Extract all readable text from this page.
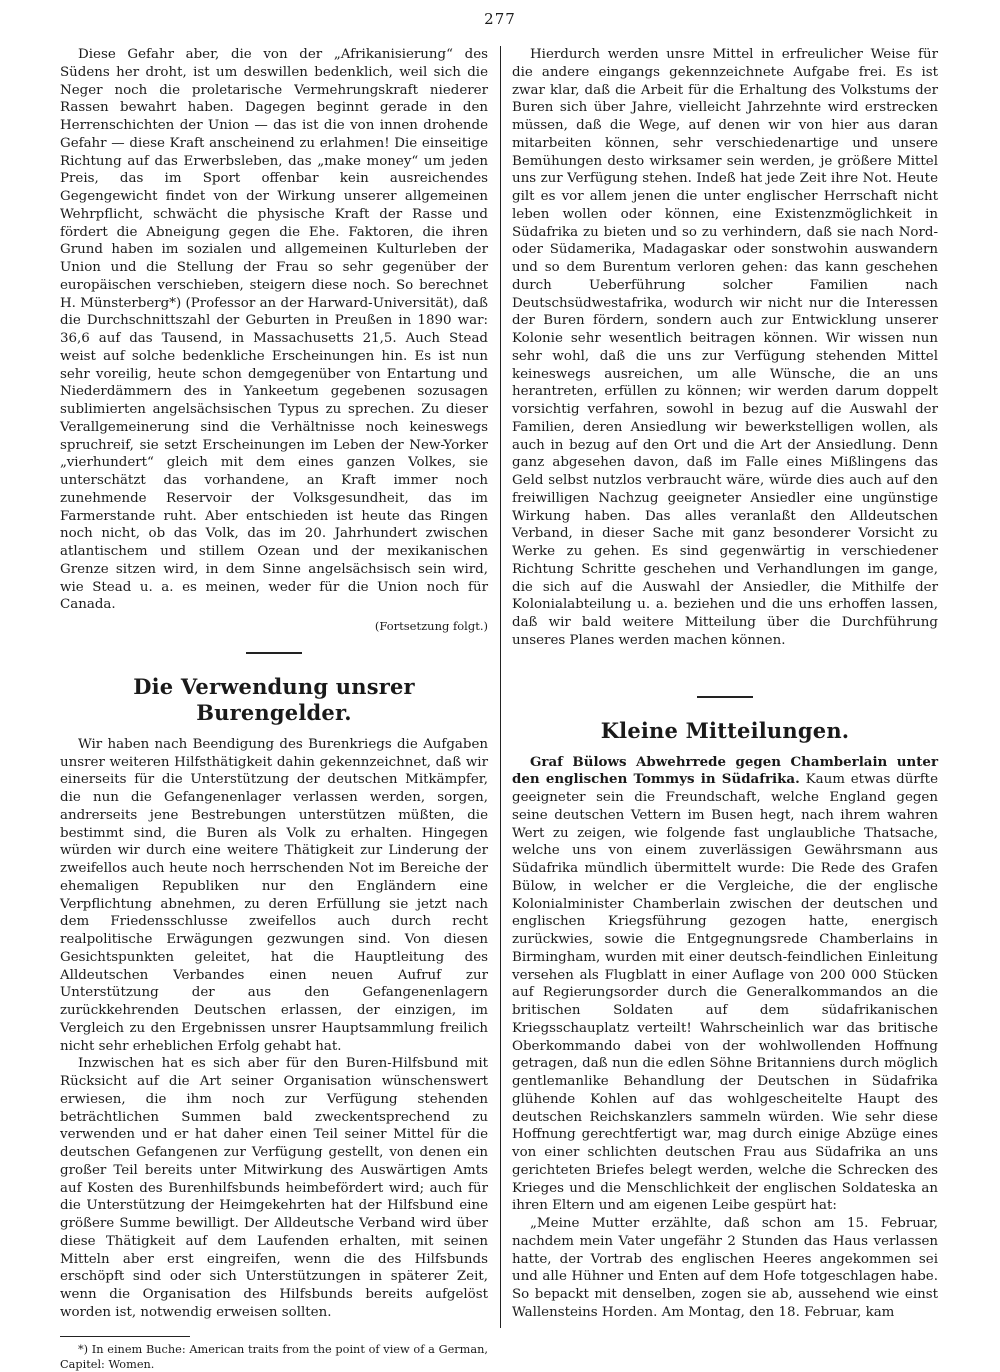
277

Diese Gefahr aber, die von der „Afrikanisierung“ des Südens her droht, ist um deswillen bedenklich, weil sich die Neger noch die proletarische Vermehrungskraft niederer Rassen bewahrt haben. Dagegen beginnt gerade in den Herrenschichten der Union — das ist die von innen drohende Gefahr — diese Kraft anscheinend zu erlahmen! Die einseitige Richtung auf das Erwerbsleben, das „make money“ um jeden Preis, das im Sport offenbar kein ausreichendes Gegengewicht findet von der Wirkung unserer allgemeinen Wehrpflicht, schwächt die physische Kraft der Rasse und fördert die Abneigung gegen die Ehe. Faktoren, die ihren Grund haben im sozialen und allgemeinen Kulturleben der Union und die Stellung der Frau so sehr gegenüber der europäischen verschieben, steigern diese noch. So berechnet H. Münsterberg*) (Professor an der Harward-Universität), daß die Durchschnittszahl der Geburten in Preußen in 1890 war: 36,6 auf das Tausend, in Massachusetts 21,5. Auch Stead weist auf solche bedenkliche Erscheinungen hin. Es ist nun sehr voreilig, heute schon demgegenüber von Entartung und Niederdämmern des in Yankeetum gegebenen sozusagen sublimierten angelsächsischen Typus zu sprechen. Zu dieser Verallgemeinerung sind die Verhältnisse noch keineswegs spruchreif, sie setzt Erscheinungen im Leben der New-Yorker „vierhundert“ gleich mit dem eines ganzen Volkes, sie unterschätzt das vorhandene, an Kraft immer noch zunehmende Reservoir der Volksgesundheit, das im Farmerstande ruht. Aber entschieden ist heute das Ringen noch nicht, ob das Volk, das im 20. Jahrhundert zwischen atlantischem und stillem Ozean und der mexikanischen Grenze sitzen wird, in dem Sinne angelsächsisch sein wird, wie Stead u. a. es meinen, weder für die Union noch für Canada.

(Fortsetzung folgt.)
Die Verwendung unsrer Burengelder.

Wir haben nach Beendigung des Burenkriegs die Aufgaben unsrer weiteren Hilfsthätigkeit dahin gekennzeichnet, daß wir einerseits für die Unterstützung der deutschen Mitkämpfer, die nun die Gefangenenlager verlassen werden, sorgen, andrerseits jene Bestrebungen unterstützen müßten, die bestimmt sind, die Buren als Volk zu erhalten. Hingegen würden wir durch eine weitere Thätigkeit zur Linderung der zweifellos auch heute noch herrschenden Not im Bereiche der ehemaligen Republiken nur den Engländern eine Verpflichtung abnehmen, zu deren Erfüllung sie jetzt nach dem Friedensschlusse zweifellos auch durch recht realpolitische Erwägungen gezwungen sind. Von diesen Gesichtspunkten geleitet, hat die Hauptleitung des Alldeutschen Verbandes einen neuen Aufruf zur Unterstützung der aus den Gefangenenlagern zurückkehrenden Deutschen erlassen, der einzigen, im Vergleich zu den Ergebnissen unsrer Hauptsammlung freilich nicht sehr erheblichen Erfolg gehabt hat.

Inzwischen hat es sich aber für den Buren-Hilfsbund mit Rücksicht auf die Art seiner Organisation wünschenswert erwiesen, die ihm noch zur Verfügung stehenden beträchtlichen Summen bald zweckentsprechend zu verwenden und er hat daher einen Teil seiner Mittel für die deutschen Gefangenen zur Verfügung gestellt, von denen ein großer Teil bereits unter Mitwirkung des Auswärtigen Amts auf Kosten des Burenhilfsbunds heimbefördert wird; auch für die Unterstützung der Heimgekehrten hat der Hilfsbund eine größere Summe bewilligt. Der Alldeutsche Verband wird über diese Thätigkeit auf dem Laufenden erhalten, mit seinen Mitteln aber erst eingreifen, wenn die des Hilfsbunds erschöpft sind oder sich Unterstützungen in späterer Zeit, wenn die Organisation des Hilfsbunds bereits aufgelöst worden ist, notwendig erweisen sollten.

*) In einem Buche: American traits from the point of view of a German, Capitel: Women.

Hierdurch werden unsre Mittel in erfreulicher Weise für die andere eingangs gekennzeichnete Aufgabe frei. Es ist zwar klar, daß die Arbeit für die Erhaltung des Volkstums der Buren sich über Jahre, vielleicht Jahrzehnte wird erstrecken müssen, daß die Wege, auf denen wir von hier aus daran mitarbeiten können, sehr verschiedenartige und unsere Bemühungen desto wirksamer sein werden, je größere Mittel uns zur Verfügung stehen. Indeß hat jede Zeit ihre Not. Heute gilt es vor allem jenen die unter englischer Herrschaft nicht leben wollen oder können, eine Existenzmöglichkeit in Südafrika zu bieten und so zu verhindern, daß sie nach Nord- oder Südamerika, Madagaskar oder sonstwohin auswandern und so dem Burentum verloren gehen: das kann geschehen durch Ueberführung solcher Familien nach Deutschsüdwestafrika, wodurch wir nicht nur die Interessen der Buren fördern, sondern auch zur Entwicklung unserer Kolonie sehr wesentlich beitragen können. Wir wissen nun sehr wohl, daß die uns zur Verfügung stehenden Mittel keineswegs ausreichen, um alle Wünsche, die an uns herantreten, erfüllen zu können; wir werden darum doppelt vorsichtig verfahren, sowohl in bezug auf die Auswahl der Familien, deren Ansiedlung wir bewerkstelligen wollen, als auch in bezug auf den Ort und die Art der Ansiedlung. Denn ganz abgesehen davon, daß im Falle eines Mißlingens das Geld selbst nutzlos verbraucht wäre, würde dies auch auf den freiwilligen Nachzug geeigneter Ansiedler eine ungünstige Wirkung haben. Das alles veranlaßt den Alldeutschen Verband, in dieser Sache mit ganz besonderer Vorsicht zu Werke zu gehen. Es sind gegenwärtig in verschiedener Richtung Schritte geschehen und Verhandlungen im gange, die sich auf die Auswahl der Ansiedler, die Mithilfe der Kolonialabteilung u. a. beziehen und die uns erhoffen lassen, daß wir bald weitere Mitteilung über die Durchführung unseres Planes werden machen können.

Kleine Mitteilungen.

Graf Bülows Abwehrrede gegen Chamberlain unter den englischen Tommys in Südafrika. Kaum etwas dürfte geeigneter sein die Freundschaft, welche England gegen seine deutschen Vettern im Busen hegt, nach ihrem wahren Wert zu zeigen, wie folgende fast unglaubliche Thatsache, welche uns von einem zuverlässigen Gewährsmann aus Südafrika mündlich übermittelt wurde: Die Rede des Grafen Bülow, in welcher er die Vergleiche, die der englische Kolonialminister Chamberlain zwischen der deutschen und englischen Kriegsführung gezogen hatte, energisch zurückwies, sowie die Entgegnungsrede Chamberlains in Birmingham, wurden mit einer deutsch-feindlichen Einleitung versehen als Flugblatt in einer Auflage von 200 000 Stücken auf Regierungsorder durch die Generalkommandos an die britischen Soldaten auf dem südafrikanischen Kriegsschauplatz verteilt! Wahrscheinlich war das britische Oberkommando dabei von der wohlwollenden Hoffnung getragen, daß nun die edlen Söhne Britanniens durch möglich gentlemanlike Behandlung der Deutschen in Südafrika glühende Kohlen auf das wohlgescheitelte Haupt des deutschen Reichskanzlers sammeln würden. Wie sehr diese Hoffnung gerechtfertigt war, mag durch einige Abzüge eines von einer schlichten deutschen Frau aus Südafrika an uns gerichteten Briefes belegt werden, welche die Schrecken des Krieges und die Menschlichkeit der englischen Soldateska an ihren Eltern und am eigenen Leibe gespürt hat:

„Meine Mutter erzählte, daß schon am 15. Februar, nachdem mein Vater ungefähr 2 Stunden das Haus verlassen hatte, der Vortrab des englischen Heeres angekommen sei und alle Hühner und Enten auf dem Hofe totgeschlagen habe. So bepackt mit denselben, zogen sie ab, aussehend wie einst Wallensteins Horden. Am Montag, den 18. Februar, kam
